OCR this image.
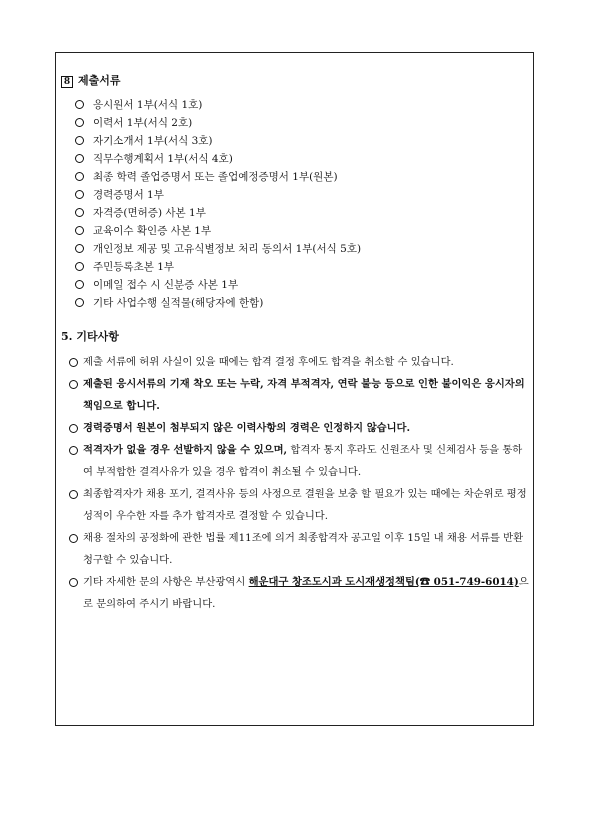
8 제출서류
응시원서 1부(서식 1호)
이력서 1부(서식 2호)
자기소개서 1부(서식 3호)
직무수행계획서 1부(서식 4호)
최종 학력 졸업증명서 또는 졸업예정증명서 1부(원본)
경력증명서 1부
자격증(면허증) 사본 1부
교육이수 확인증 사본 1부
개인정보 제공 및 고유식별정보 처리 동의서 1부(서식 5호)
주민등록초본 1부
이메일 접수 시 신분증 사본 1부
기타 사업수행 실적물(해당자에 한함)
5. 기타사항
제출 서류에 허위 사실이 있을 때에는 합격 결정 후에도 합격을 취소할 수 있습니다.
제출된 응시서류의 기재 착오 또는 누락, 자격 부적격자, 연락 불능 등으로 인한 불이익은 응시자의 책임으로 합니다.
경력증명서 원본이 첨부되지 않은 이력사항의 경력은 인정하지 않습니다.
적격자가 없을 경우 선발하지 않을 수 있으며, 합격자 통지 후라도 신원조사 및 신체검사 등을 통하여 부적합한 결격사유가 있을 경우 합격이 취소될 수 있습니다.
최종합격자가 채용 포기, 결격사유 등의 사정으로 결원을 보충 할 필요가 있는 때에는 차순위로 평정 성적이 우수한 자를 추가 합격자로 결정할 수 있습니다.
채용 절차의 공정화에 관한 법률 제11조에 의거 최종합격자 공고일 이후 15일 내 채용 서류를 반환 청구할 수 있습니다.
기타 자세한 문의 사항은 부산광역시 해운대구 창조도시과 도시재생정책팀(☎ 051-749-6014)으로 문의하여 주시기 바랍니다.
